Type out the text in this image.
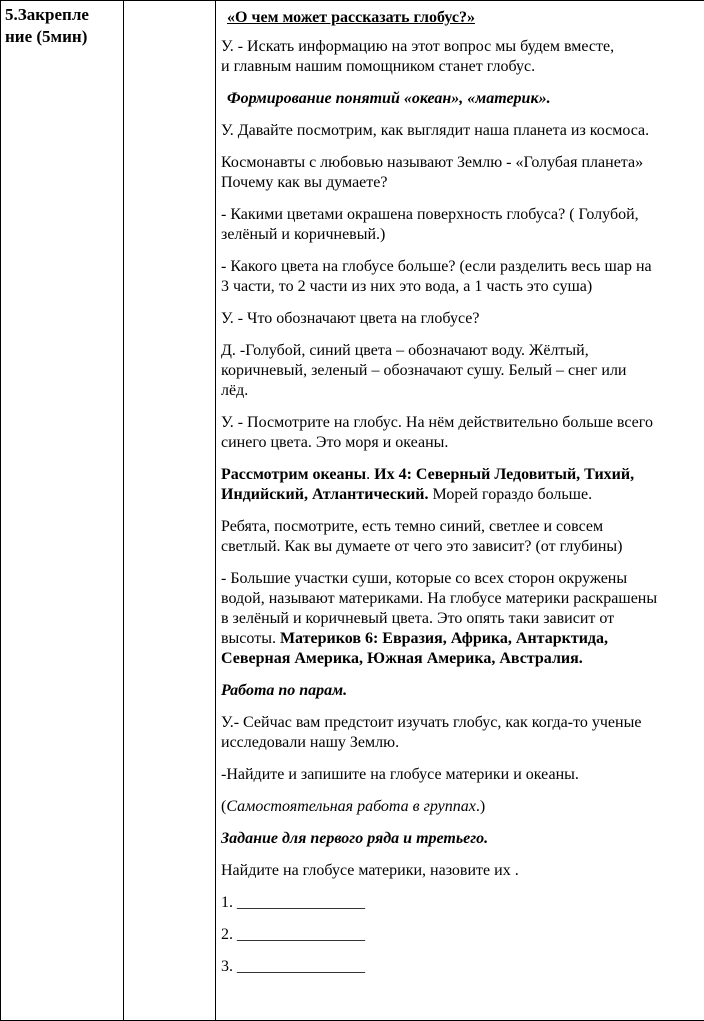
5.Закрепле
ние (5мин)

«О чем может рассказать глобус?»

У. - Искать информацию на этот вопрос мы будем вместе,
и главным нашим помощником станет глобус.

Формирование понятий «океан», «материк».

У. Давайте посмотрим, как выглядит наша планета из космоса.

Космонавты с любовью называют Землю - «Голубая планета»
Почему как вы думаете?

- Какими цветами окрашена поверхность глобуса? ( Голубой,
зелёный и коричневый.)

- Какого цвета на глобусе больше? (если разделить весь шар на
3 части, то 2 части из них это вода, а 1 часть это суша)

У. - Что обозначают цвета на глобусе?

Д. -Голубой, синий цвета – обозначают воду. Жёлтый,
коричневый, зеленый – обозначают сушу. Белый – снег или
лёд.

У. - Посмотрите на глобус. На нём действительно больше всего
синего цвета. Это моря и океаны.

Рассмотрим океаны. Их 4: Северный Ледовитый, Тихий,
Индийский, Атлантический. Морей гораздо больше.

Ребята, посмотрите, есть темно синий, светлее и совсем
светлый. Как вы думаете от чего это зависит? (от глубины)

- Большие участки суши, которые со всех сторон окружены
водой, называют материками. На глобусе материки раскрашены
в зелёный и коричневый цвета. Это опять таки зависит от
высоты. Материков 6: Евразия, Африка, Антарктида,
Северная Америка, Южная Америка, Австралия.

Работа по парам.

У.- Сейчас вам предстоит изучать глобус, как когда-то ученые
исследовали нашу Землю.

-Найдите и запишите на глобусе материки и океаны.

(Самостоятельная работа в группах.)

Задание для первого ряда и третьего.

Найдите на глобусе материки, назовите их .

1. ________________

2. ________________

3. ________________
